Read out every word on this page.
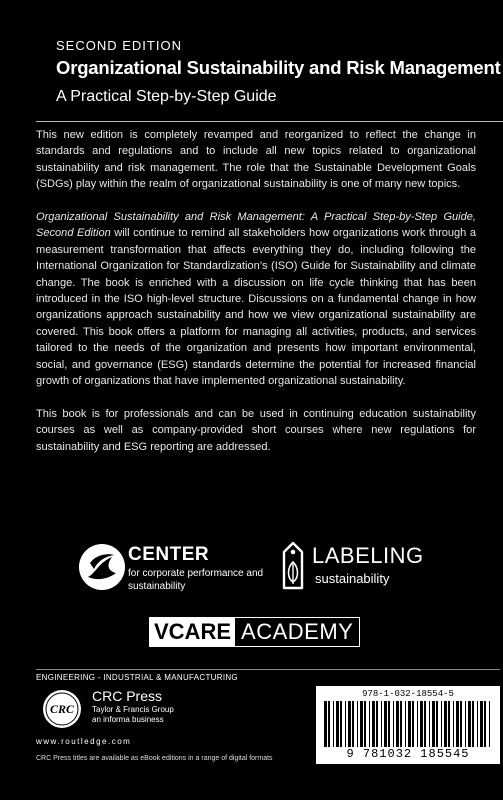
SECOND EDITION
Organizational Sustainability and Risk Management
A Practical Step-by-Step Guide

This new edition is completely revamped and reorganized to reflect the change in standards and regulations and to include all new topics related to organizational sustainability and risk management. The role that the Sustainable Development Goals (SDGs) play within the realm of organizational sustainability is one of many new topics.

Organizational Sustainability and Risk Management: A Practical Step-by-Step Guide, Second Edition will continue to remind all stakeholders how organizations work through a measurement transformation that affects everything they do, including following the International Organization for Standardization’s (ISO) Guide for Sustainability and climate change. The book is enriched with a discussion on life cycle thinking that has been introduced in the ISO high-level structure. Discussions on a fundamental change in how organizations approach sustainability and how we view organizational sustainability are covered. This book offers a platform for managing all activities, products, and services tailored to the needs of the organization and presents how important environmental, social, and governance (ESG) standards determine the potential for increased financial growth of organizations that have implemented organizational sustainability.

This book is for professionals and can be used in continuing education sustainability courses as well as company-provided short courses where new regulations for sustainability and ESG reporting are addressed.

CENTER
for corporate performance and sustainability
LABELING
sustainability
VCARE ACADEMY
ENGINEERING - INDUSTRIAL & MANUFACTURING
CRC
CRC Press
Taylor & Francis Group
an informa business
www.routledge.com
CRC Press titles are available as eBook editions in a range of digital formats
978-1-032-18554-5
9 781032 185545
